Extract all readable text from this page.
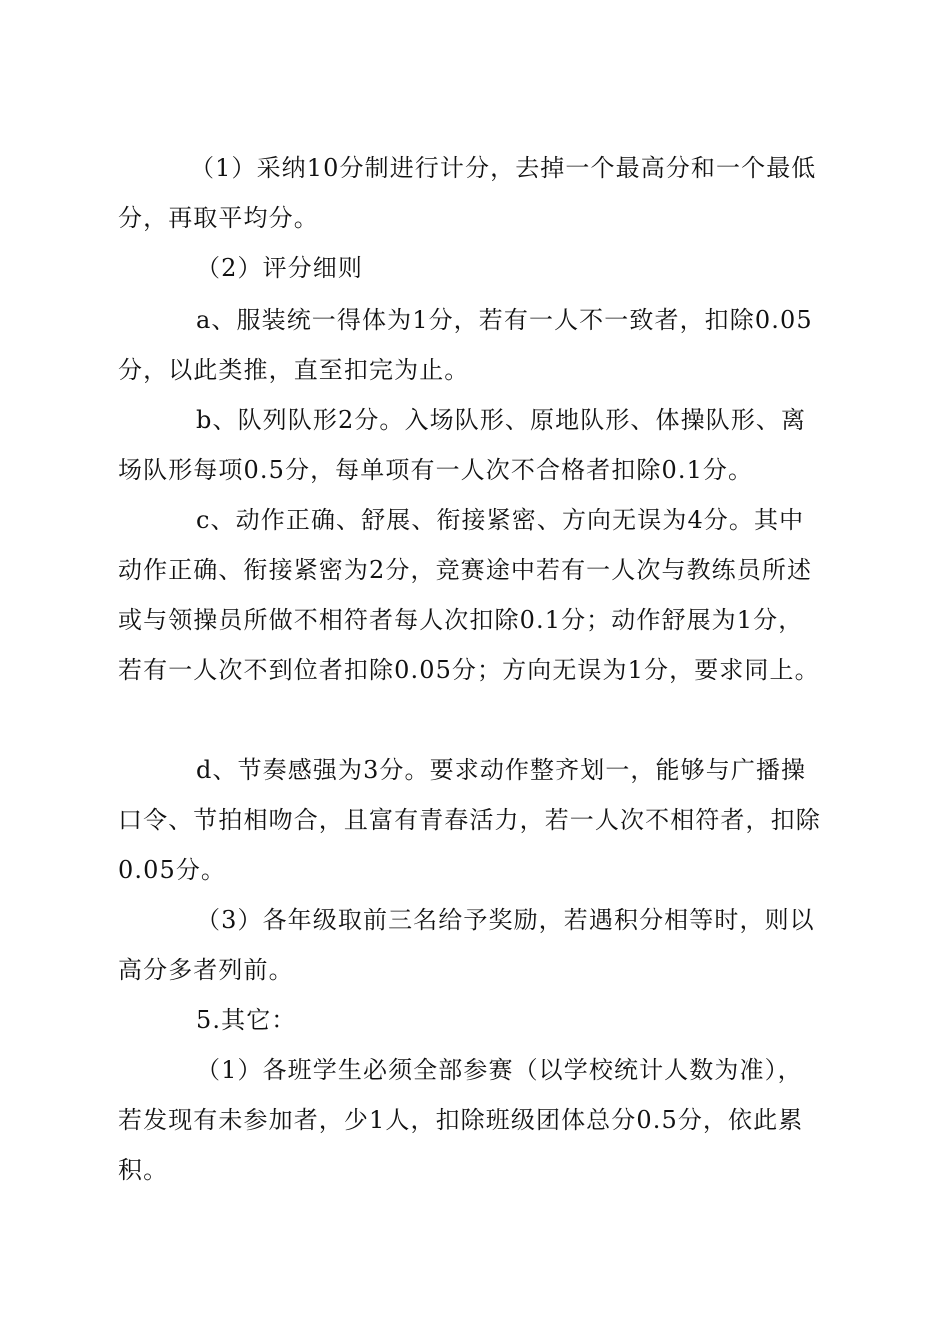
（1）采纳10分制进行计分，去掉一个最高分和一个最低
分，再取平均分。
（2）评分细则
a、服装统一得体为1分，若有一人不一致者，扣除0.05
分，以此类推，直至扣完为止。
b、队列队形2分。入场队形、原地队形、体操队形、离
场队形每项0.5分，每单项有一人次不合格者扣除0.1分。
c、动作正确、舒展、衔接紧密、方向无误为4分。其中
动作正确、衔接紧密为2分，竞赛途中若有一人次与教练员所述
或与领操员所做不相符者每人次扣除0.1分；动作舒展为1分，
若有一人次不到位者扣除0.05分；方向无误为1分，要求同上。
d、节奏感强为3分。要求动作整齐划一，能够与广播操
口令、节拍相吻合，且富有青春活力，若一人次不相符者，扣除
0.05分。
（3）各年级取前三名给予奖励，若遇积分相等时，则以
高分多者列前。
5.其它：
（1）各班学生必须全部参赛（以学校统计人数为准），
若发现有未参加者，少1人，扣除班级团体总分0.5分，依此累
积。
